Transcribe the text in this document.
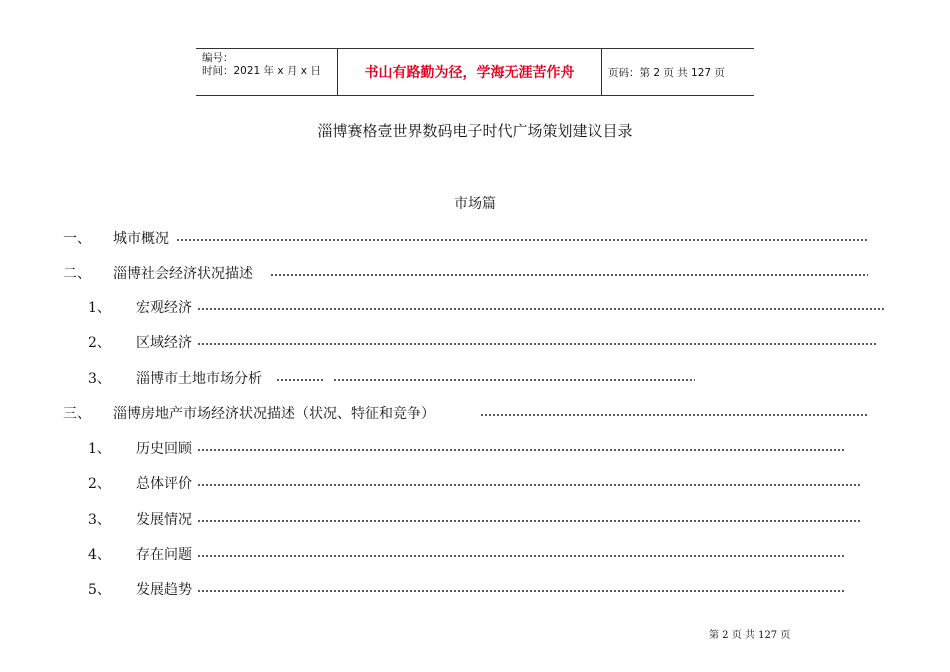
编号：
时间：2021 年 x 月 x 日	书山有路勤为径，学海无涯苦作舟	页码：第 2 页 共 127 页
淄博赛格壹世界数码电子时代广场策划建议目录
市场篇
一、 城市概况
二、 淄博社会经济状况描述
1、 宏观经济
2、 区域经济
3、 淄博市土地市场分析
三、 淄博房地产市场经济状况描述（状况、特征和竞争）
1、 历史回顾
2、 总体评价
3、 发展情况
4、 存在问题
5、 发展趋势
第 2 页 共 127 页
